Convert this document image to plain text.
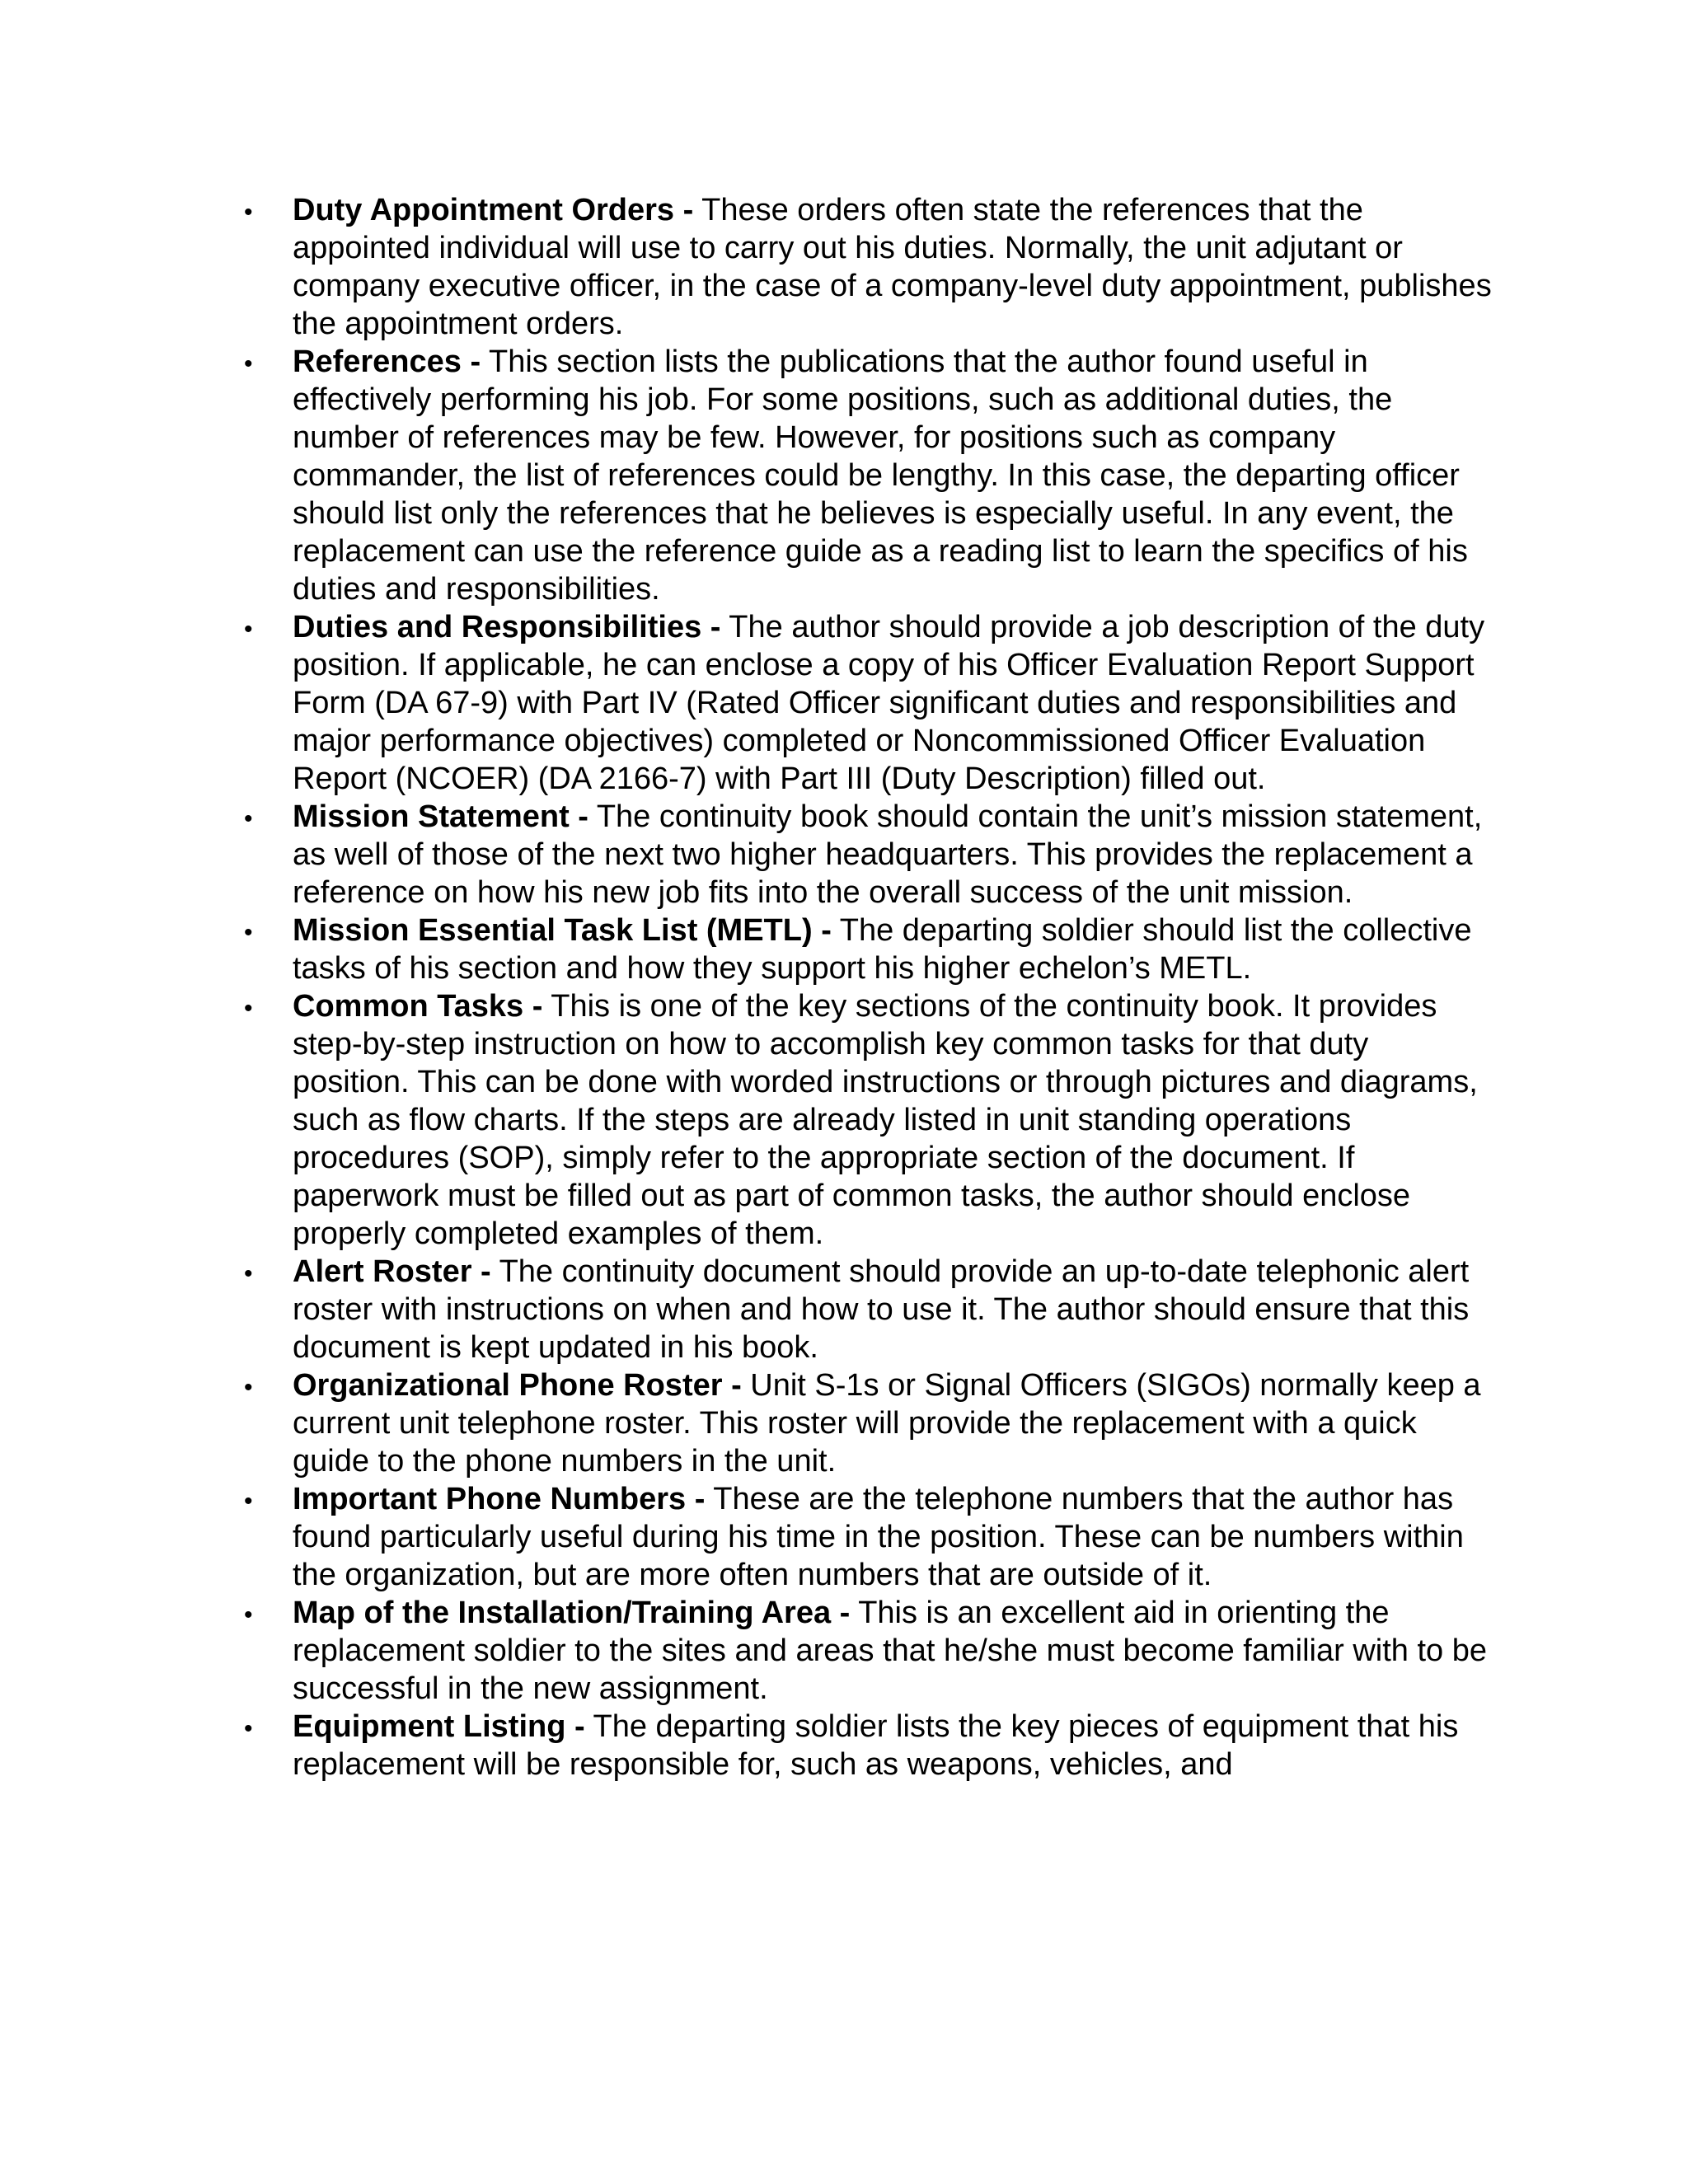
•	Duty Appointment Orders - These orders often state the references that the appointed individual will use to carry out his duties. Normally, the unit adjutant or company executive officer, in the case of a company-level duty appointment, publishes the appointment orders.
•	References - This section lists the publications that the author found useful in effectively performing his job. For some positions, such as additional duties, the number of references may be few. However, for positions such as company commander, the list of references could be lengthy. In this case, the departing officer should list only the references that he believes is especially useful. In any event, the replacement can use the reference guide as a reading list to learn the specifics of his duties and responsibilities.
•	Duties and Responsibilities - The author should provide a job description of the duty position. If applicable, he can enclose a copy of his Officer Evaluation Report Support Form (DA 67-9) with Part IV (Rated Officer significant duties and responsibilities and major performance objectives) completed or Noncommissioned Officer Evaluation Report (NCOER) (DA 2166-7) with Part III (Duty Description) filled out.
•	Mission Statement - The continuity book should contain the unit’s mission statement, as well of those of the next two higher headquarters. This provides the replacement a reference on how his new job fits into the overall success of the unit mission.
•	Mission Essential Task List (METL) - The departing soldier should list the collective tasks of his section and how they support his higher echelon’s METL.
•	Common Tasks - This is one of the key sections of the continuity book. It provides step-by-step instruction on how to accomplish key common tasks for that duty position. This can be done with worded instructions or through pictures and diagrams, such as flow charts. If the steps are already listed in unit standing operations procedures (SOP), simply refer to the appropriate section of the document. If paperwork must be filled out as part of common tasks, the author should enclose properly completed examples of them.
•	Alert Roster - The continuity document should provide an up-to-date telephonic alert roster with instructions on when and how to use it. The author should ensure that this document is kept updated in his book.
•	Organizational Phone Roster - Unit S-1s or Signal Officers (SIGOs) normally keep a current unit telephone roster. This roster will provide the replacement with a quick guide to the phone numbers in the unit.
•	Important Phone Numbers - These are the telephone numbers that the author has found particularly useful during his time in the position. These can be numbers within the organization, but are more often numbers that are outside of it.
•	Map of the Installation/Training Area - This is an excellent aid in orienting the replacement soldier to the sites and areas that he/she must become familiar with to be successful in the new assignment.
•	Equipment Listing - The departing soldier lists the key pieces of equipment that his replacement will be responsible for, such as weapons, vehicles, and
